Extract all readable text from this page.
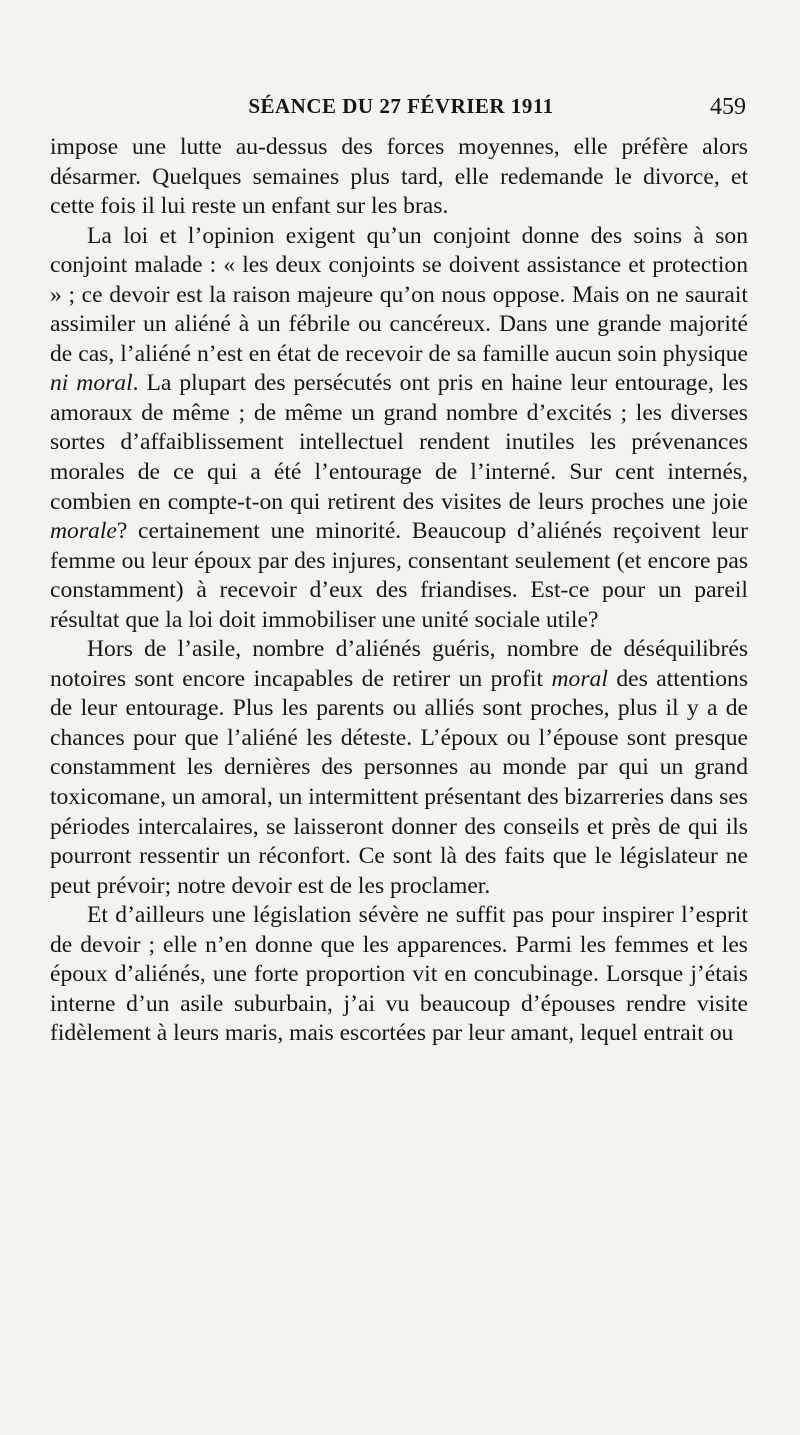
SÉANCE DU 27 FÉVRIER 1911	459

impose une lutte au-dessus des forces moyennes, elle préfère alors désarmer. Quelques semaines plus tard, elle redemande le divorce, et cette fois il lui reste un enfant sur les bras.

La loi et l’opinion exigent qu’un conjoint donne des soins à son conjoint malade : « les deux conjoints se doivent assistance et protection » ; ce devoir est la raison majeure qu’on nous oppose. Mais on ne saurait assimiler un aliéné à un fébrile ou cancéreux. Dans une grande majorité de cas, l’aliéné n’est en état de recevoir de sa famille aucun soin physique ni moral. La plupart des persécutés ont pris en haine leur entourage, les amoraux de même ; de même un grand nombre d’excités ; les diverses sortes d’affaiblissement intellectuel rendent inutiles les prévenances morales de ce qui a été l’entourage de l’interné. Sur cent internés, combien en compte-t-on qui retirent des visites de leurs proches une joie morale? certainement une minorité. Beaucoup d’aliénés reçoivent leur femme ou leur époux par des injures, consentant seulement (et encore pas constamment) à recevoir d’eux des friandises. Est-ce pour un pareil résultat que la loi doit immobiliser une unité sociale utile?

Hors de l’asile, nombre d’aliénés guéris, nombre de déséquilibrés notoires sont encore incapables de retirer un profit moral des attentions de leur entourage. Plus les parents ou alliés sont proches, plus il y a de chances pour que l’aliéné les déteste. L’époux ou l’épouse sont presque constamment les dernières des personnes au monde par qui un grand toxicomane, un amoral, un intermittent présentant des bizarreries dans ses périodes intercalaires, se laisseront donner des conseils et près de qui ils pourront ressentir un réconfort. Ce sont là des faits que le législateur ne peut prévoir; notre devoir est de les proclamer.

Et d’ailleurs une législation sévère ne suffit pas pour inspirer l’esprit de devoir ; elle n’en donne que les apparences. Parmi les femmes et les époux d’aliénés, une forte proportion vit en concubinage. Lorsque j’étais interne d’un asile suburbain, j’ai vu beaucoup d’épouses rendre visite fidèlement à leurs maris, mais escortées par leur amant, lequel entrait ou
